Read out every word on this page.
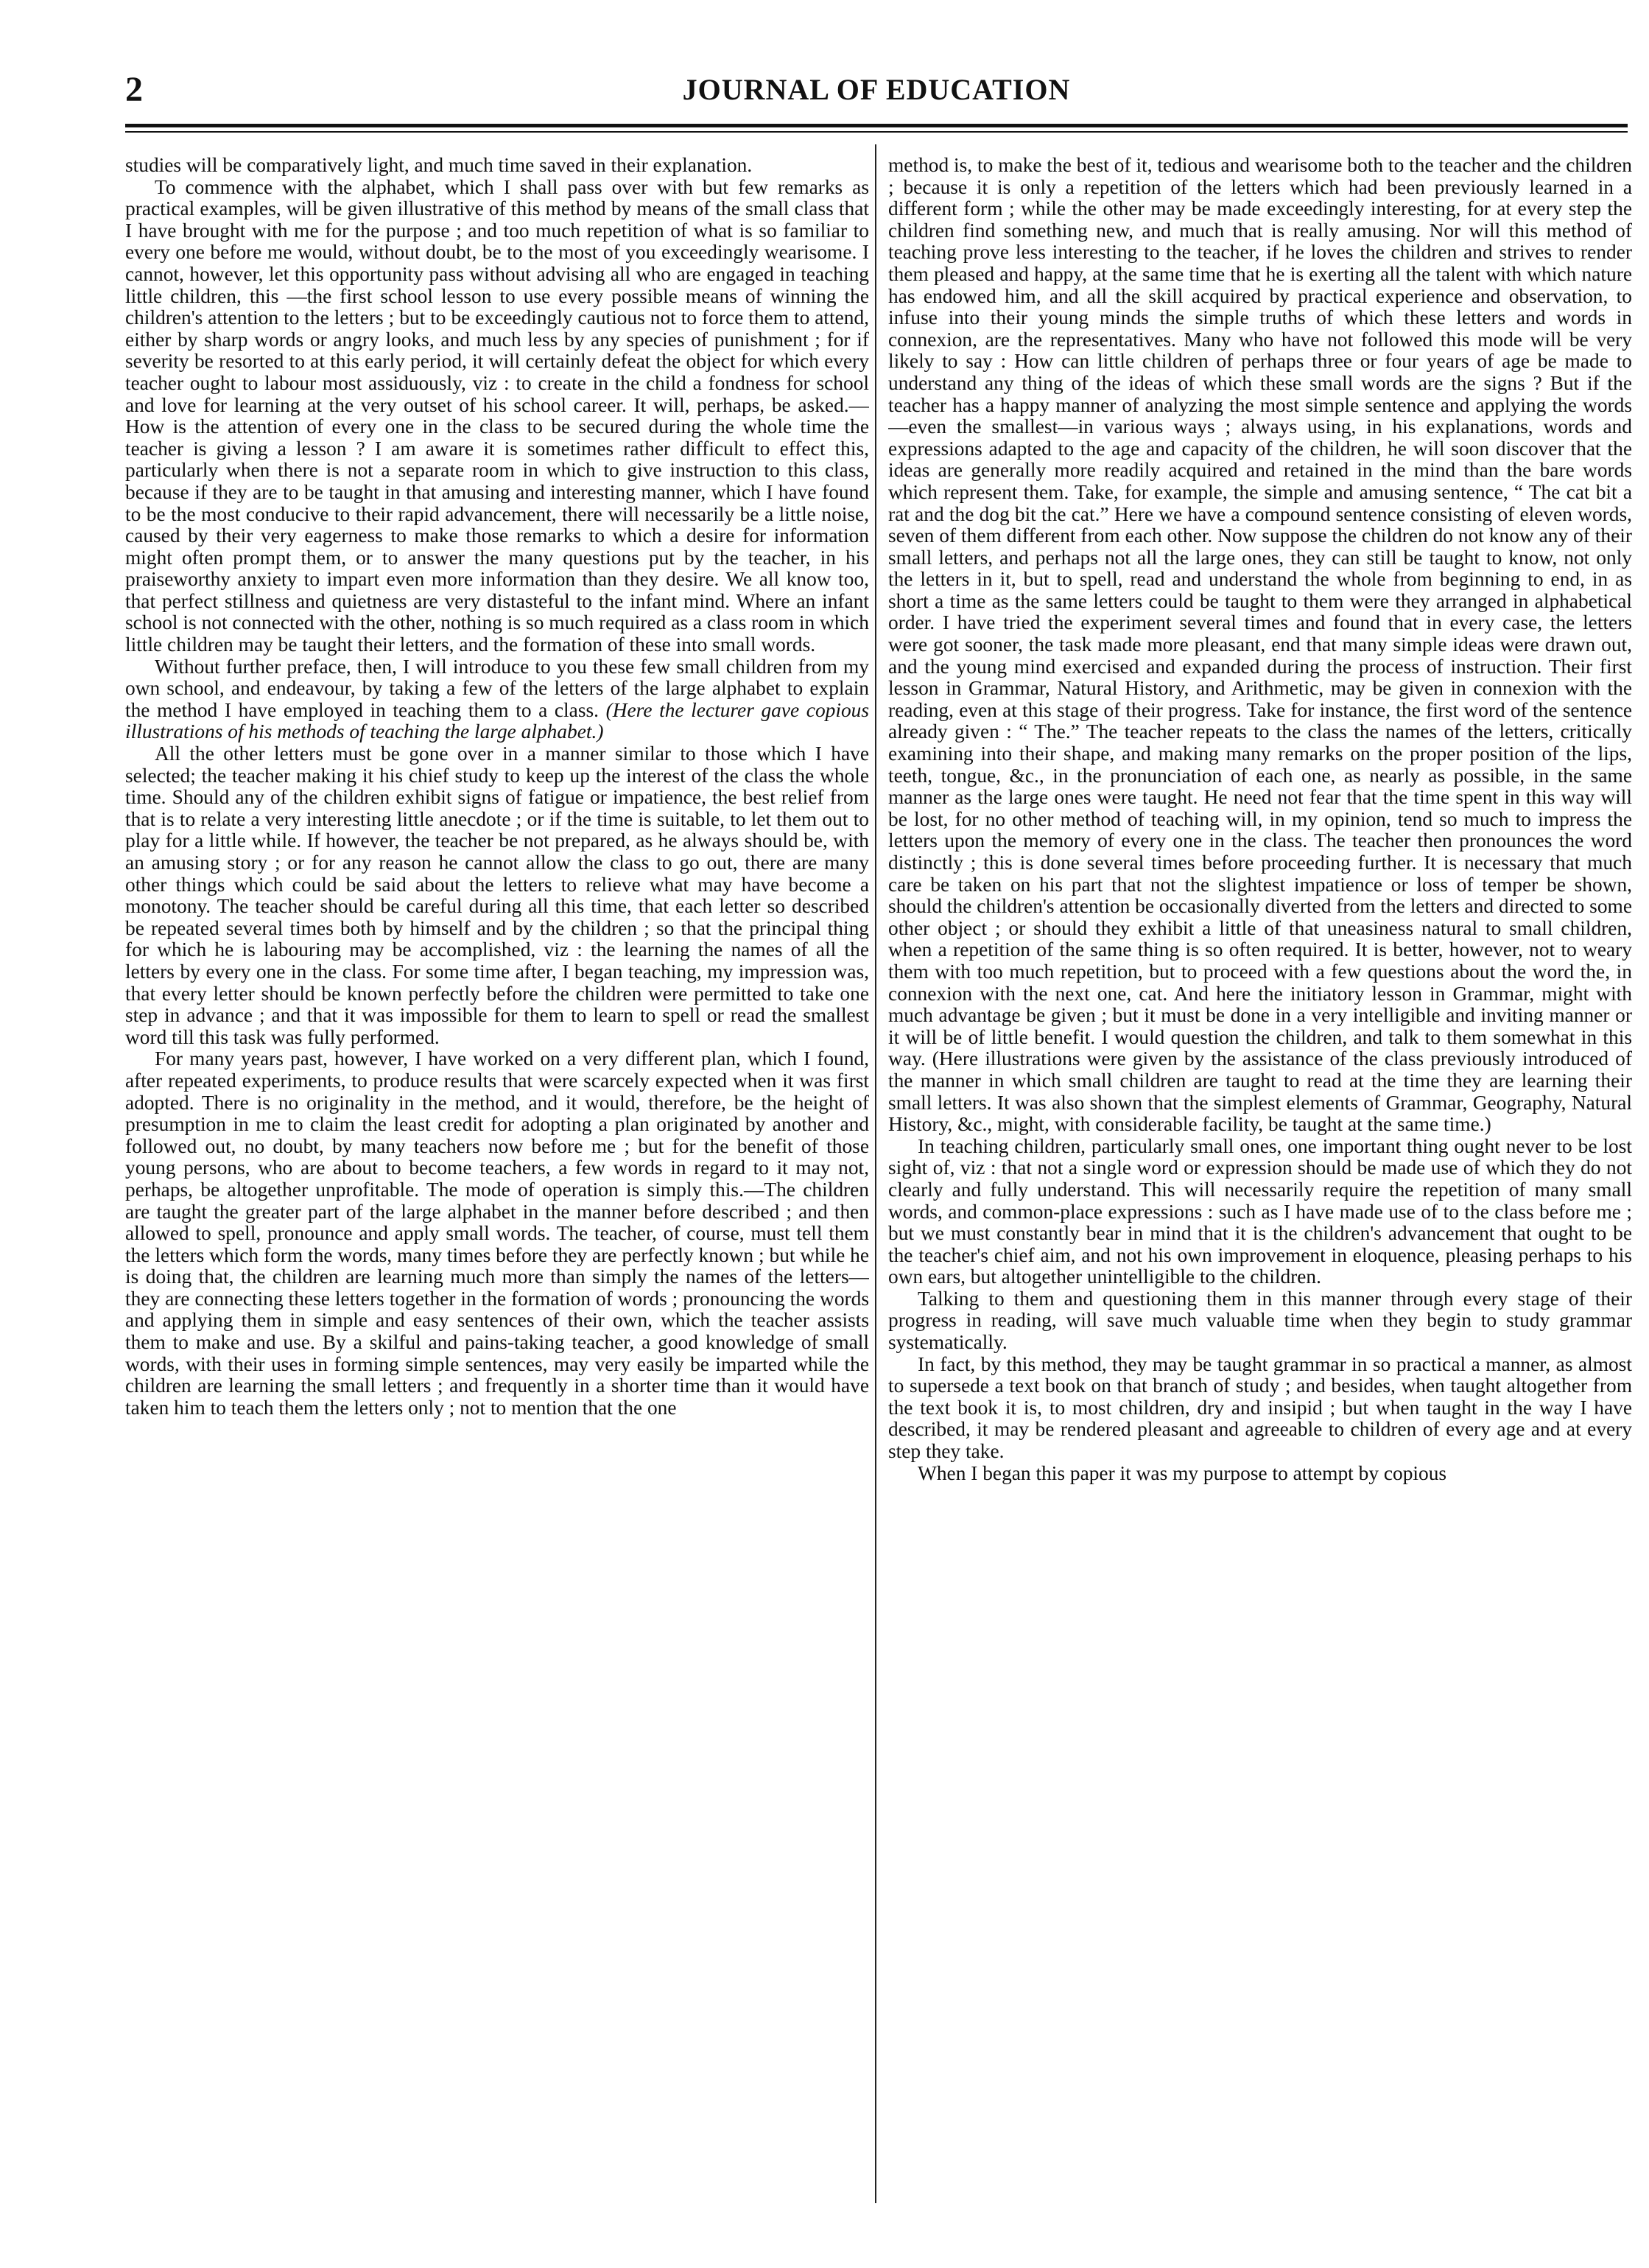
2	JOURNAL OF EDUCATION

studies will be comparatively light, and much time saved in their explanation.

To commence with the alphabet, which I shall pass over with but few remarks as practical examples, will be given illustrative of this method by means of the small class that I have brought with me for the purpose ; and too much repetition of what is so familiar to every one before me would, without doubt, be to the most of you exceedingly wearisome. I cannot, however, let this opportunity pass without advising all who are engaged in teaching little children, this —the first school lesson to use every possible means of winning the children's attention to the letters ; but to be exceedingly cautious not to force them to attend, either by sharp words or angry looks, and much less by any species of punishment ; for if severity be resorted to at this early period, it will certainly defeat the object for which every teacher ought to labour most assiduously, viz : to create in the child a fondness for school and love for learning at the very outset of his school career. It will, perhaps, be asked.— How is the attention of every one in the class to be secured during the whole time the teacher is giving a lesson ? I am aware it is sometimes rather difficult to effect this, particularly when there is not a separate room in which to give instruction to this class, because if they are to be taught in that amusing and interesting manner, which I have found to be the most conducive to their rapid advancement, there will necessarily be a little noise, caused by their very eagerness to make those remarks to which a desire for information might often prompt them, or to answer the many questions put by the teacher, in his praiseworthy anxiety to impart even more information than they desire. We all know too, that perfect stillness and quietness are very distasteful to the infant mind. Where an infant school is not connected with the other, nothing is so much required as a class room in which little children may be taught their letters, and the formation of these into small words.

Without further preface, then, I will introduce to you these few small children from my own school, and endeavour, by taking a few of the letters of the large alphabet to explain the method I have employed in teaching them to a class. (Here the lecturer gave copious illustrations of his methods of teaching the large alphabet.)

All the other letters must be gone over in a manner similar to those which I have selected; the teacher making it his chief study to keep up the interest of the class the whole time. Should any of the children exhibit signs of fatigue or impatience, the best relief from that is to relate a very interesting little anecdote ; or if the time is suitable, to let them out to play for a little while. If however, the teacher be not prepared, as he always should be, with an amusing story ; or for any reason he cannot allow the class to go out, there are many other things which could be said about the letters to relieve what may have become a monotony. The teacher should be careful during all this time, that each letter so described be repeated several times both by himself and by the children ; so that the principal thing for which he is labouring may be accomplished, viz : the learning the names of all the letters by every one in the class. For some time after, I began teaching, my impression was, that every letter should be known perfectly before the children were permitted to take one step in advance ; and that it was impossible for them to learn to spell or read the smallest word till this task was fully performed.

For many years past, however, I have worked on a very different plan, which I found, after repeated experiments, to produce results that were scarcely expected when it was first adopted. There is no originality in the method, and it would, therefore, be the height of presumption in me to claim the least credit for adopting a plan originated by another and followed out, no doubt, by many teachers now before me ; but for the benefit of those young persons, who are about to become teachers, a few words in regard to it may not, perhaps, be altogether unprofitable. The mode of operation is simply this.—The children are taught the greater part of the large alphabet in the manner before described ; and then allowed to spell, pronounce and apply small words. The teacher, of course, must tell them the letters which form the words, many times before they are perfectly known ; but while he is doing that, the children are learning much more than simply the names of the letters—they are connecting these letters together in the formation of words ; pronouncing the words and applying them in simple and easy sentences of their own, which the teacher assists them to make and use. By a skilful and pains-taking teacher, a good knowledge of small words, with their uses in forming simple sentences, may very easily be imparted while the children are learning the small letters ; and frequently in a shorter time than it would have taken him to teach them the letters only ; not to mention that the one

method is, to make the best of it, tedious and wearisome both to the teacher and the children ; because it is only a repetition of the letters which had been previously learned in a different form ; while the other may be made exceedingly interesting, for at every step the children find something new, and much that is really amusing. Nor will this method of teaching prove less interesting to the teacher, if he loves the children and strives to render them pleased and happy, at the same time that he is exerting all the talent with which nature has endowed him, and all the skill acquired by practical experience and observation, to infuse into their young minds the simple truths of which these letters and words in connexion, are the representatives. Many who have not followed this mode will be very likely to say : How can little children of perhaps three or four years of age be made to understand any thing of the ideas of which these small words are the signs ? But if the teacher has a happy manner of analyzing the most simple sentence and applying the words—even the smallest—in various ways ; always using, in his explanations, words and expressions adapted to the age and capacity of the children, he will soon discover that the ideas are generally more readily acquired and retained in the mind than the bare words which represent them. Take, for example, the simple and amusing sentence, “ The cat bit a rat and the dog bit the cat.” Here we have a compound sentence consisting of eleven words, seven of them different from each other. Now suppose the children do not know any of their small letters, and perhaps not all the large ones, they can still be taught to know, not only the letters in it, but to spell, read and understand the whole from beginning to end, in as short a time as the same letters could be taught to them were they arranged in alphabetical order. I have tried the experiment several times and found that in every case, the letters were got sooner, the task made more pleasant, end that many simple ideas were drawn out, and the young mind exercised and expanded during the process of instruction. Their first lesson in Grammar, Natural History, and Arithmetic, may be given in connexion with the reading, even at this stage of their progress. Take for instance, the first word of the sentence already given : “ The.” The teacher repeats to the class the names of the letters, critically examining into their shape, and making many remarks on the proper position of the lips, teeth, tongue, &c., in the pronunciation of each one, as nearly as possible, in the same manner as the large ones were taught. He need not fear that the time spent in this way will be lost, for no other method of teaching will, in my opinion, tend so much to impress the letters upon the memory of every one in the class. The teacher then pronounces the word distinctly ; this is done several times before proceeding further. It is necessary that much care be taken on his part that not the slightest impatience or loss of temper be shown, should the children's attention be occasionally diverted from the letters and directed to some other object ; or should they exhibit a little of that uneasiness natural to small children, when a repetition of the same thing is so often required. It is better, however, not to weary them with too much repetition, but to proceed with a few questions about the word the, in connexion with the next one, cat. And here the initiatory lesson in Grammar, might with much advantage be given ; but it must be done in a very intelligible and inviting manner or it will be of little benefit. I would question the children, and talk to them somewhat in this way. (Here illustrations were given by the assistance of the class previously introduced of the manner in which small children are taught to read at the time they are learning their small letters. It was also shown that the simplest elements of Grammar, Geography, Natural History, &c., might, with considerable facility, be taught at the same time.)

In teaching children, particularly small ones, one important thing ought never to be lost sight of, viz : that not a single word or expression should be made use of which they do not clearly and fully understand. This will necessarily require the repetition of many small words, and common-place expressions : such as I have made use of to the class before me ; but we must constantly bear in mind that it is the children's advancement that ought to be the teacher's chief aim, and not his own improvement in eloquence, pleasing perhaps to his own ears, but altogether unintelligible to the children.

Talking to them and questioning them in this manner through every stage of their progress in reading, will save much valuable time when they begin to study grammar systematically.

In fact, by this method, they may be taught grammar in so practical a manner, as almost to supersede a text book on that branch of study ; and besides, when taught altogether from the text book it is, to most children, dry and insipid ; but when taught in the way I have described, it may be rendered pleasant and agreeable to children of every age and at every step they take.

When I began this paper it was my purpose to attempt by copious
